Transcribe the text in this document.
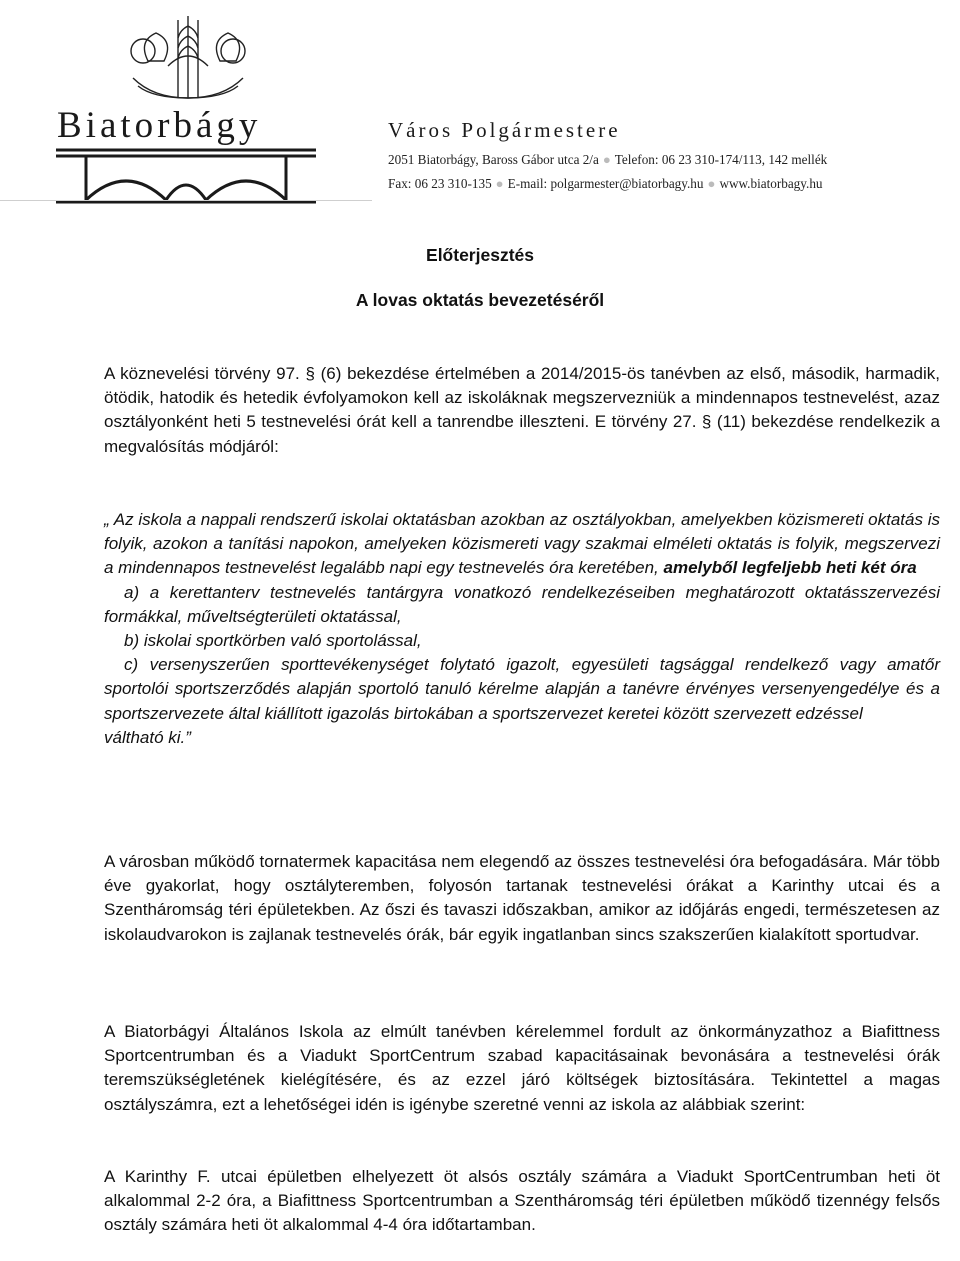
Biatorbágy	Város Polgármestere
2051 Biatorbágy, Baross Gábor utca 2/a ● Telefon: 06 23 310-174/113, 142 mellék
Fax: 06 23 310-135 ● E-mail: polgarmester@biatorbagy.hu ● www.biatorbagy.hu
Előterjesztés
A lovas oktatás bevezetéséről

A köznevelési törvény 97. § (6) bekezdése értelmében a 2014/2015-ös tanévben az első, második, harmadik, ötödik, hatodik és hetedik évfolyamokon kell az iskoláknak megszervezniük a mindennapos testnevelést, azaz osztályonként heti 5 testnevelési órát kell a tanrendbe illeszteni. E törvény 27. § (11) bekezdése rendelkezik a megvalósítás módjáról:

„ Az iskola a nappali rendszerű iskolai oktatásban azokban az osztályokban, amelyekben közismereti oktatás is folyik, azokon a tanítási napokon, amelyeken közismereti vagy szakmai elméleti oktatás is folyik, megszervezi a mindennapos testnevelést legalább napi egy testnevelés óra keretében, amelyből legfeljebb heti két óra
a) a kerettanterv testnevelés tantárgyra vonatkozó rendelkezéseiben meghatározott oktatásszervezési formákkal, műveltségterületi oktatással,
b) iskolai sportkörben való sportolással,
c) versenyszerűen sporttevékenységet folytató igazolt, egyesületi tagsággal rendelkező vagy amatőr sportolói sportszerződés alapján sportoló tanuló kérelme alapján a tanévre érvényes versenyengedélye és a sportszervezete által kiállított igazolás birtokában a sportszervezet keretei között szervezett edzéssel
váltható ki.”

A városban működő tornatermek kapacitása nem elegendő az összes testnevelési óra befogadására. Már több éve gyakorlat, hogy osztályteremben, folyosón tartanak testnevelési órákat a Karinthy utcai és a Szentháromság téri épületekben. Az őszi és tavaszi időszakban, amikor az időjárás engedi, természetesen az iskolaudvarokon is zajlanak testnevelés órák, bár egyik ingatlanban sincs szakszerűen kialakított sportudvar.

A Biatorbágyi Általános Iskola az elmúlt tanévben kérelemmel fordult az önkormányzathoz a Biafittness Sportcentrumban és a Viadukt SportCentrum szabad kapacitásainak bevonására a testnevelési órák teremszükségletének kielégítésére, és az ezzel járó költségek biztosítására. Tekintettel a magas osztályszámra, ezt a lehetőségei idén is igénybe szeretné venni az iskola az alábbiak szerint:

A Karinthy F. utcai épületben elhelyezett öt alsós osztály számára a Viadukt SportCentrumban heti öt alkalommal 2-2 óra, a Biafittness Sportcentrumban a Szentháromság téri épületben működő tizennégy felsős osztály számára heti öt alkalommal 4-4 óra időtartamban.
